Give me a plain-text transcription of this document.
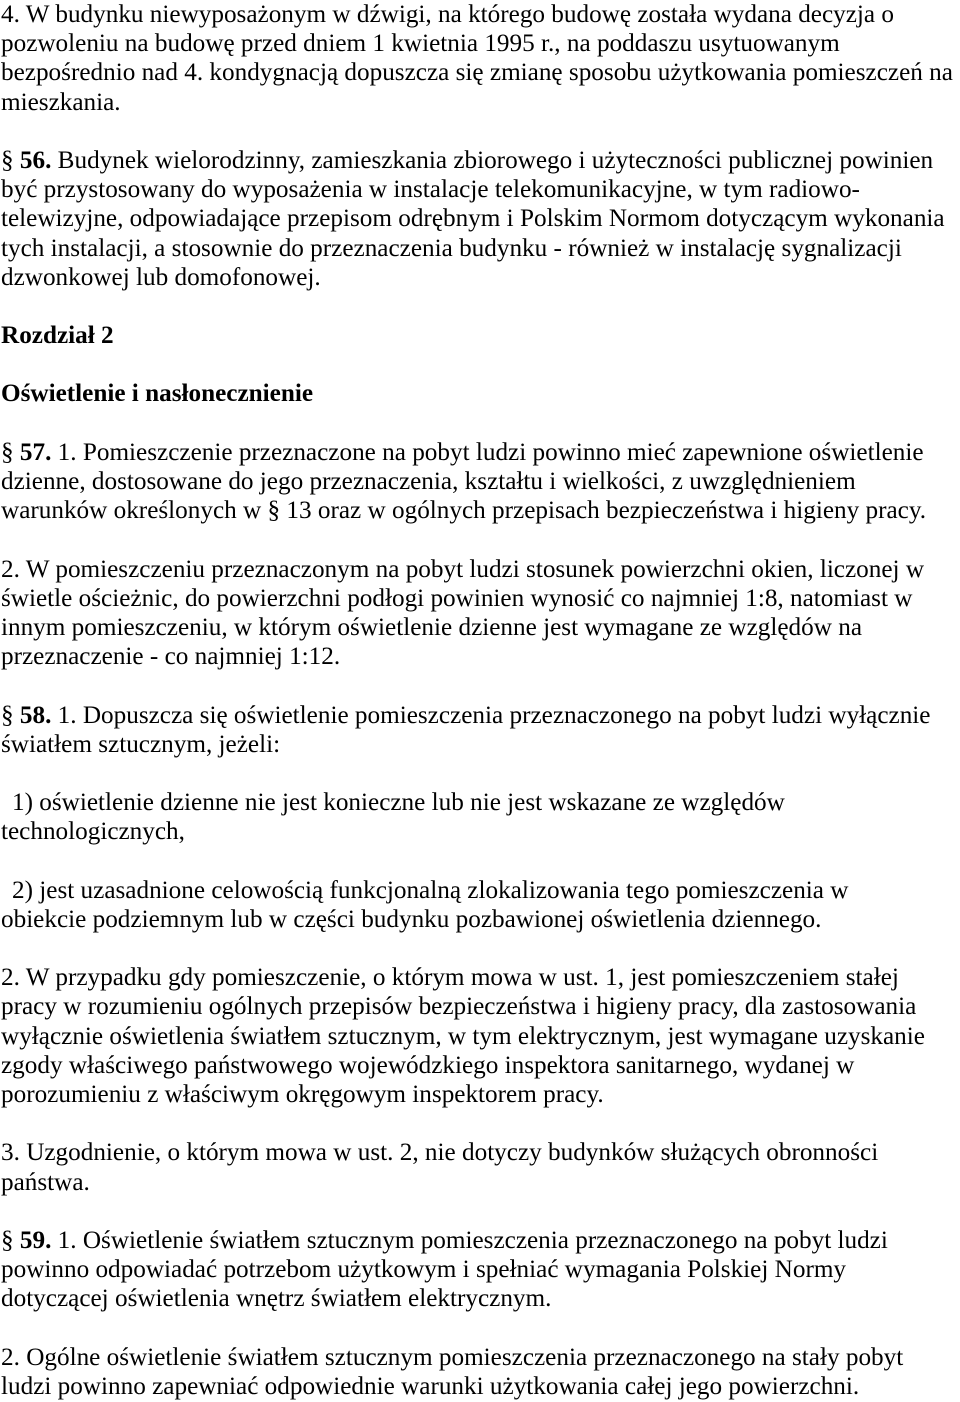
4. W budynku niewyposażonym w dźwigi, na którego budowę została wydana decyzja o
pozwoleniu na budowę przed dniem 1 kwietnia 1995 r., na poddaszu usytuowanym
bezpośrednio nad 4. kondygnacją dopuszcza się zmianę sposobu użytkowania pomieszczeń na
mieszkania.
§ 56. Budynek wielorodzinny, zamieszkania zbiorowego i użyteczności publicznej powinien
być przystosowany do wyposażenia w instalacje telekomunikacyjne, w tym radiowo-
telewizyjne, odpowiadające przepisom odrębnym i Polskim Normom dotyczącym wykonania
tych instalacji, a stosownie do przeznaczenia budynku - również w instalację sygnalizacji
dzwonkowej lub domofonowej.
Rozdział 2
Oświetlenie i nasłonecznienie
§ 57. 1. Pomieszczenie przeznaczone na pobyt ludzi powinno mieć zapewnione oświetlenie
dzienne, dostosowane do jego przeznaczenia, kształtu i wielkości, z uwzględnieniem
warunków określonych w § 13 oraz w ogólnych przepisach bezpieczeństwa i higieny pracy.
2. W pomieszczeniu przeznaczonym na pobyt ludzi stosunek powierzchni okien, liczonej w
świetle ościeżnic, do powierzchni podłogi powinien wynosić co najmniej 1:8, natomiast w
innym pomieszczeniu, w którym oświetlenie dzienne jest wymagane ze względów na
przeznaczenie - co najmniej 1:12.
§ 58. 1. Dopuszcza się oświetlenie pomieszczenia przeznaczonego na pobyt ludzi wyłącznie
światłem sztucznym, jeżeli:
1) oświetlenie dzienne nie jest konieczne lub nie jest wskazane ze względów
technologicznych,
2) jest uzasadnione celowością funkcjonalną zlokalizowania tego pomieszczenia w
obiekcie podziemnym lub w części budynku pozbawionej oświetlenia dziennego.
2. W przypadku gdy pomieszczenie, o którym mowa w ust. 1, jest pomieszczeniem stałej
pracy w rozumieniu ogólnych przepisów bezpieczeństwa i higieny pracy, dla zastosowania
wyłącznie oświetlenia światłem sztucznym, w tym elektrycznym, jest wymagane uzyskanie
zgody właściwego państwowego wojewódzkiego inspektora sanitarnego, wydanej w
porozumieniu z właściwym okręgowym inspektorem pracy.
3. Uzgodnienie, o którym mowa w ust. 2, nie dotyczy budynków służących obronności
państwa.
§ 59. 1. Oświetlenie światłem sztucznym pomieszczenia przeznaczonego na pobyt ludzi
powinno odpowiadać potrzebom użytkowym i spełniać wymagania Polskiej Normy
dotyczącej oświetlenia wnętrz światłem elektrycznym.
2. Ogólne oświetlenie światłem sztucznym pomieszczenia przeznaczonego na stały pobyt
ludzi powinno zapewniać odpowiednie warunki użytkowania całej jego powierzchni.
